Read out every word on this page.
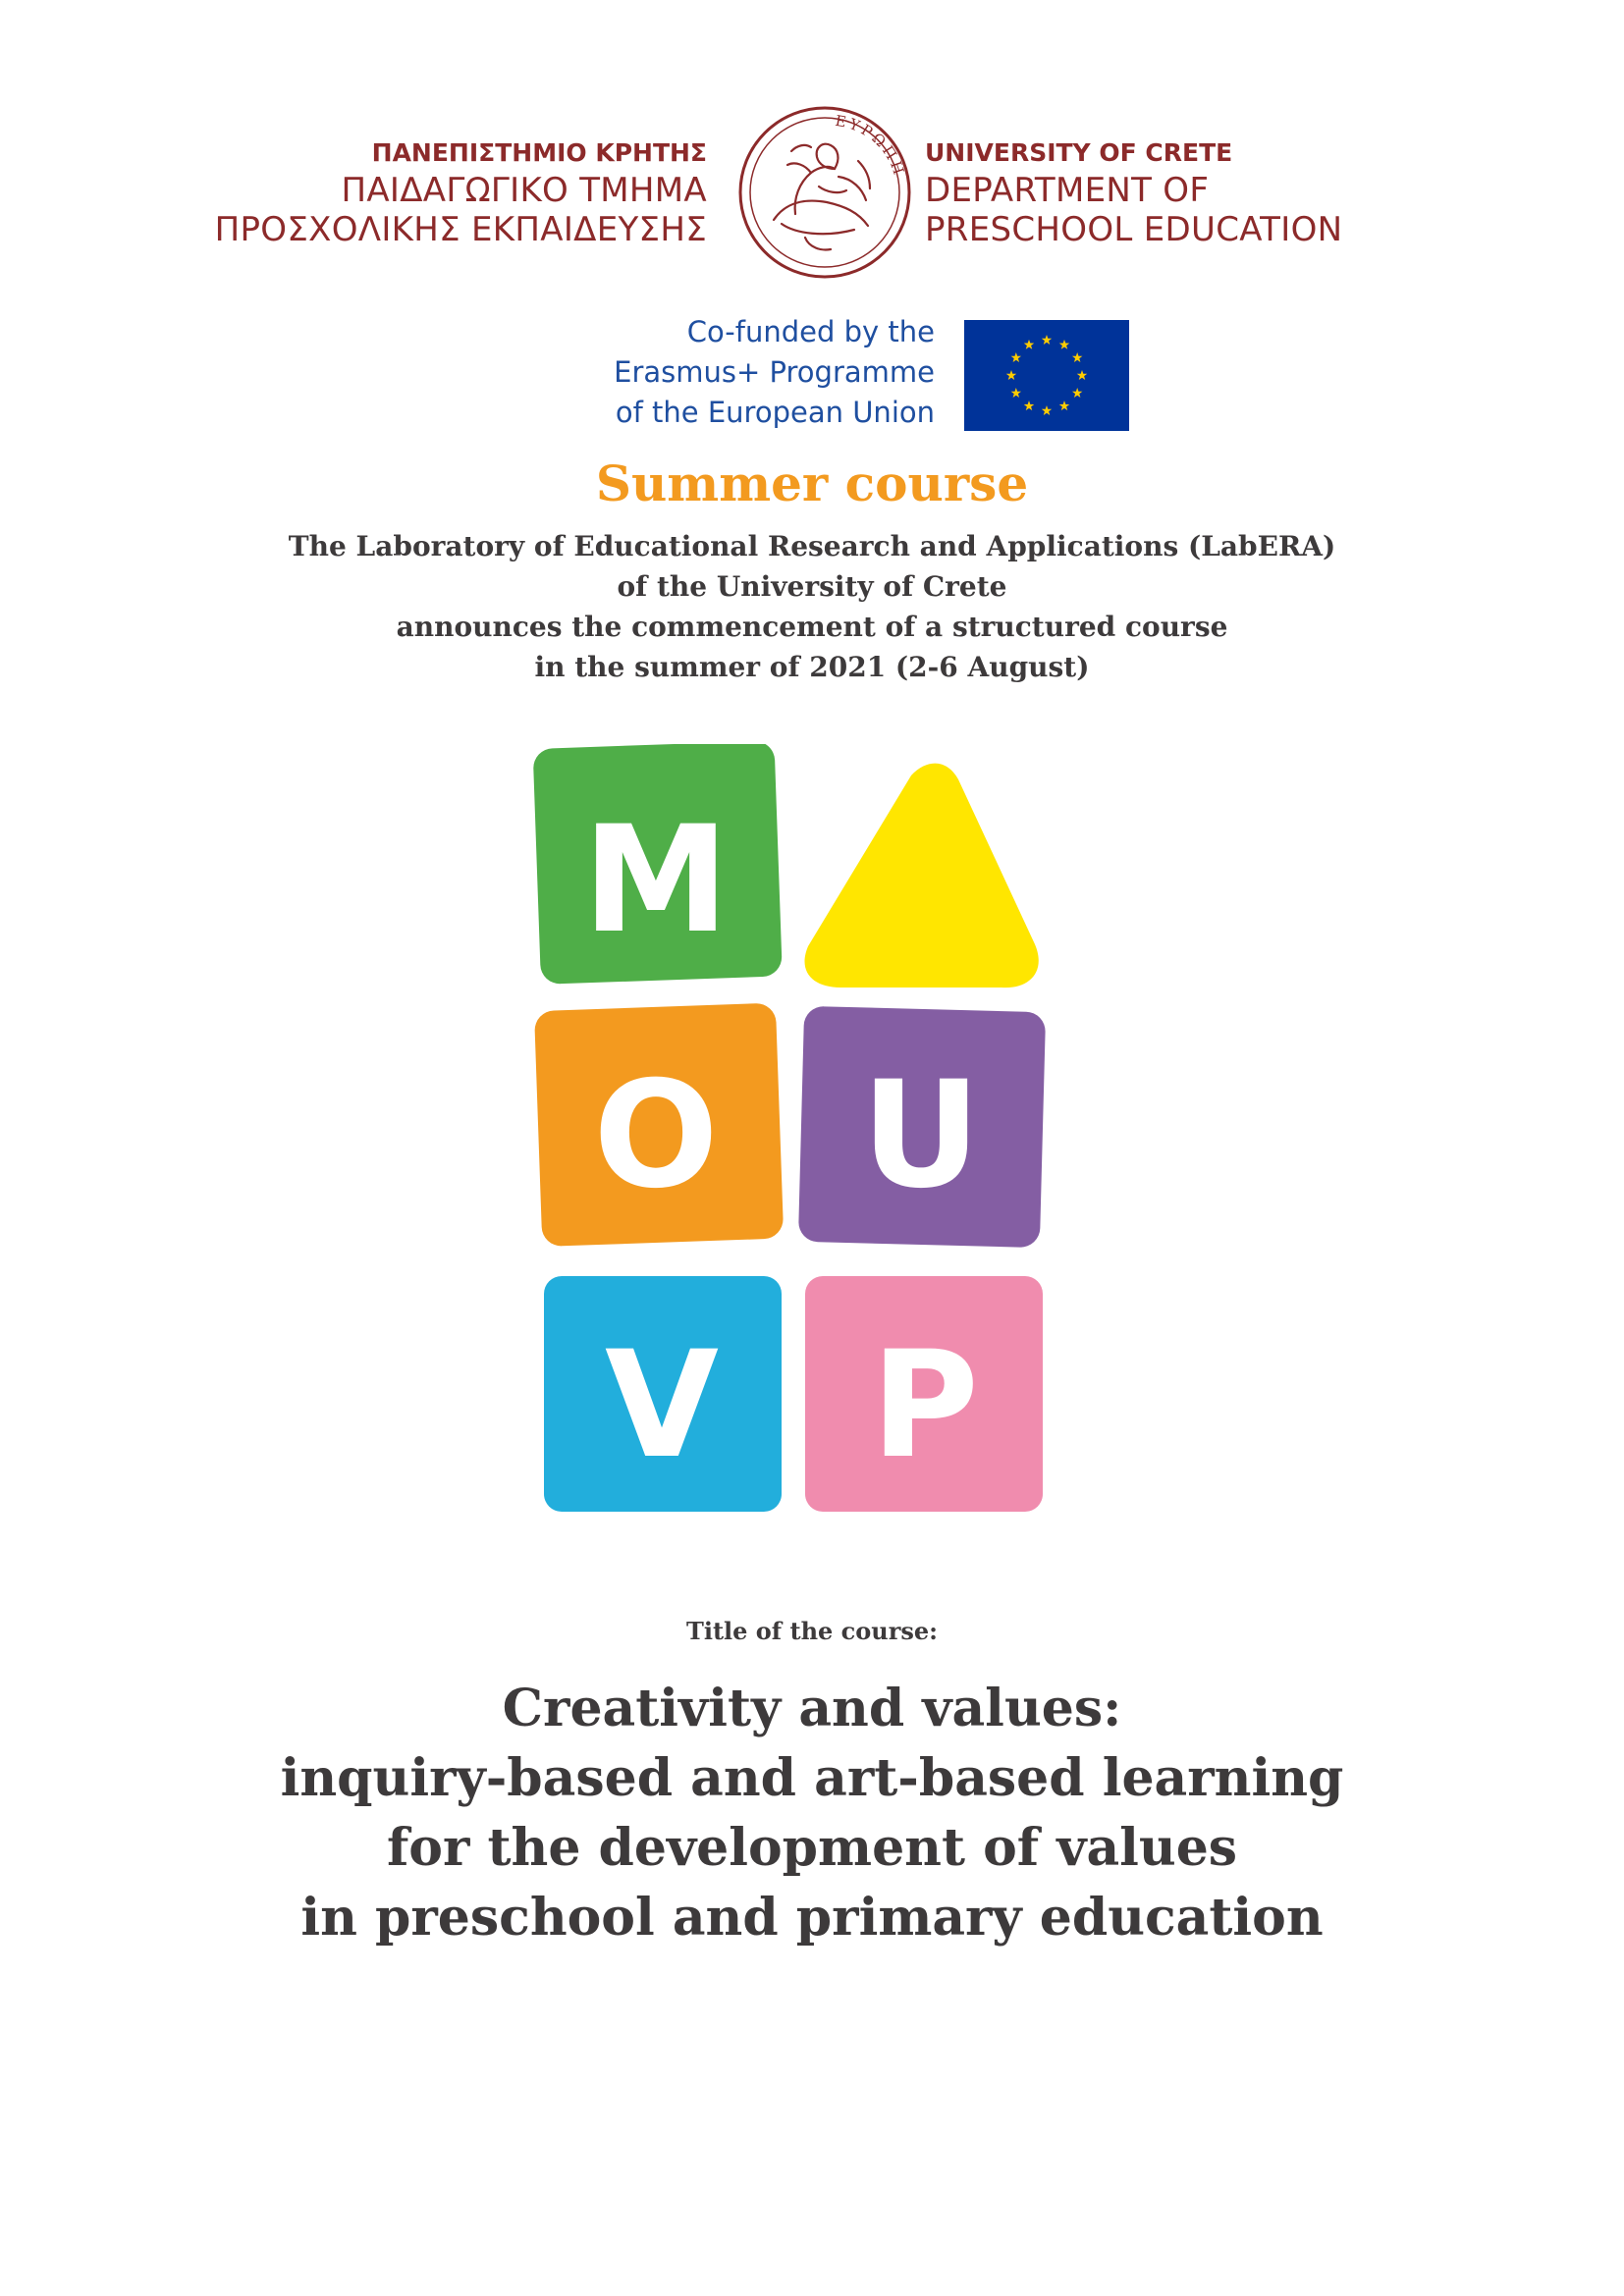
ΠΑΝΕΠΙΣΤΗΜΙΟ ΚΡΗΤΗΣ
ΠΑΙΔΑΓΩΓΙΚΟ ΤΜΗΜΑ
ΠΡΟΣΧΟΛΙΚΗΣ ΕΚΠΑΙΔΕΥΣΗΣ
ΕΥΡΩΠΗ
UNIVERSITY OF CRETE
DEPARTMENT OF
PRESCHOOL EDUCATION
Co-funded by the
Erasmus+ Programme
of the European Union
Summer course
The Laboratory of Educational Research and Applications (LabERA)
of the University of Crete
announces the commencement of a structured course
in the summer of 2021 (2-6 August)
M
O U
V P
Title of the course:
Creativity and values:
inquiry-based and art-based learning
for the development of values
in preschool and primary education
